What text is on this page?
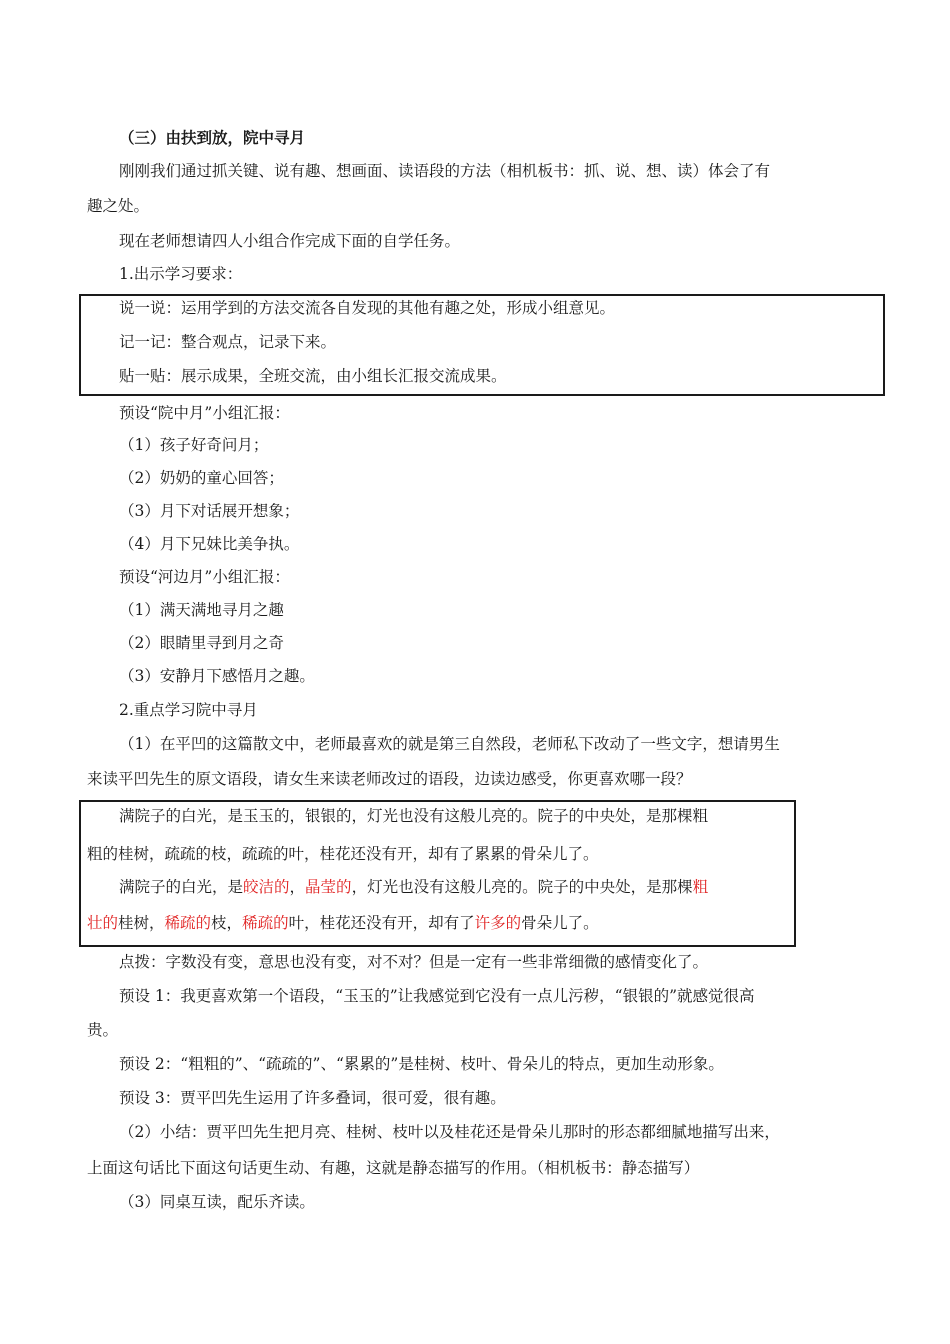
（三）由扶到放，院中寻月
刚刚我们通过抓关键、说有趣、想画面、读语段的方法（相机板书：抓、说、想、读）体会了有
趣之处。
现在老师想请四人小组合作完成下面的自学任务。
1.出示学习要求：
说一说：运用学到的方法交流各自发现的其他有趣之处，形成小组意见。
记一记：整合观点，记录下来。
贴一贴：展示成果，全班交流，由小组长汇报交流成果。
预设“院中月”小组汇报：
（1）孩子好奇问月；
（2）奶奶的童心回答；
（3）月下对话展开想象；
（4）月下兄妹比美争执。
预设“河边月”小组汇报：
（1）满天满地寻月之趣
（2）眼睛里寻到月之奇
（3）安静月下感悟月之趣。
2.重点学习院中寻月
（1）在平凹的这篇散文中，老师最喜欢的就是第三自然段，老师私下改动了一些文字，想请男生
来读平凹先生的原文语段，请女生来读老师改过的语段，边读边感受，你更喜欢哪一段？
满院子的白光，是玉玉的，银银的，灯光也没有这般儿亮的。院子的中央处，是那棵粗
粗的桂树，疏疏的枝，疏疏的叶，桂花还没有开，却有了累累的骨朵儿了。
满院子的白光，是皎洁的，晶莹的，灯光也没有这般儿亮的。院子的中央处，是那棵粗
壮的桂树，稀疏的枝，稀疏的叶，桂花还没有开，却有了许多的骨朵儿了。
点拨：字数没有变，意思也没有变，对不对？但是一定有一些非常细微的感情变化了。
预设 1：我更喜欢第一个语段，“玉玉的”让我感觉到它没有一点儿污秽，“银银的”就感觉很高
贵。
预设 2：“粗粗的”、“疏疏的”、“累累的”是桂树、枝叶、骨朵儿的特点，更加生动形象。
预设 3：贾平凹先生运用了许多叠词，很可爱，很有趣。
（2）小结：贾平凹先生把月亮、桂树、枝叶以及桂花还是骨朵儿那时的形态都细腻地描写出来，
上面这句话比下面这句话更生动、有趣，这就是静态描写的作用。（相机板书：静态描写）
（3）同桌互读，配乐齐读。
